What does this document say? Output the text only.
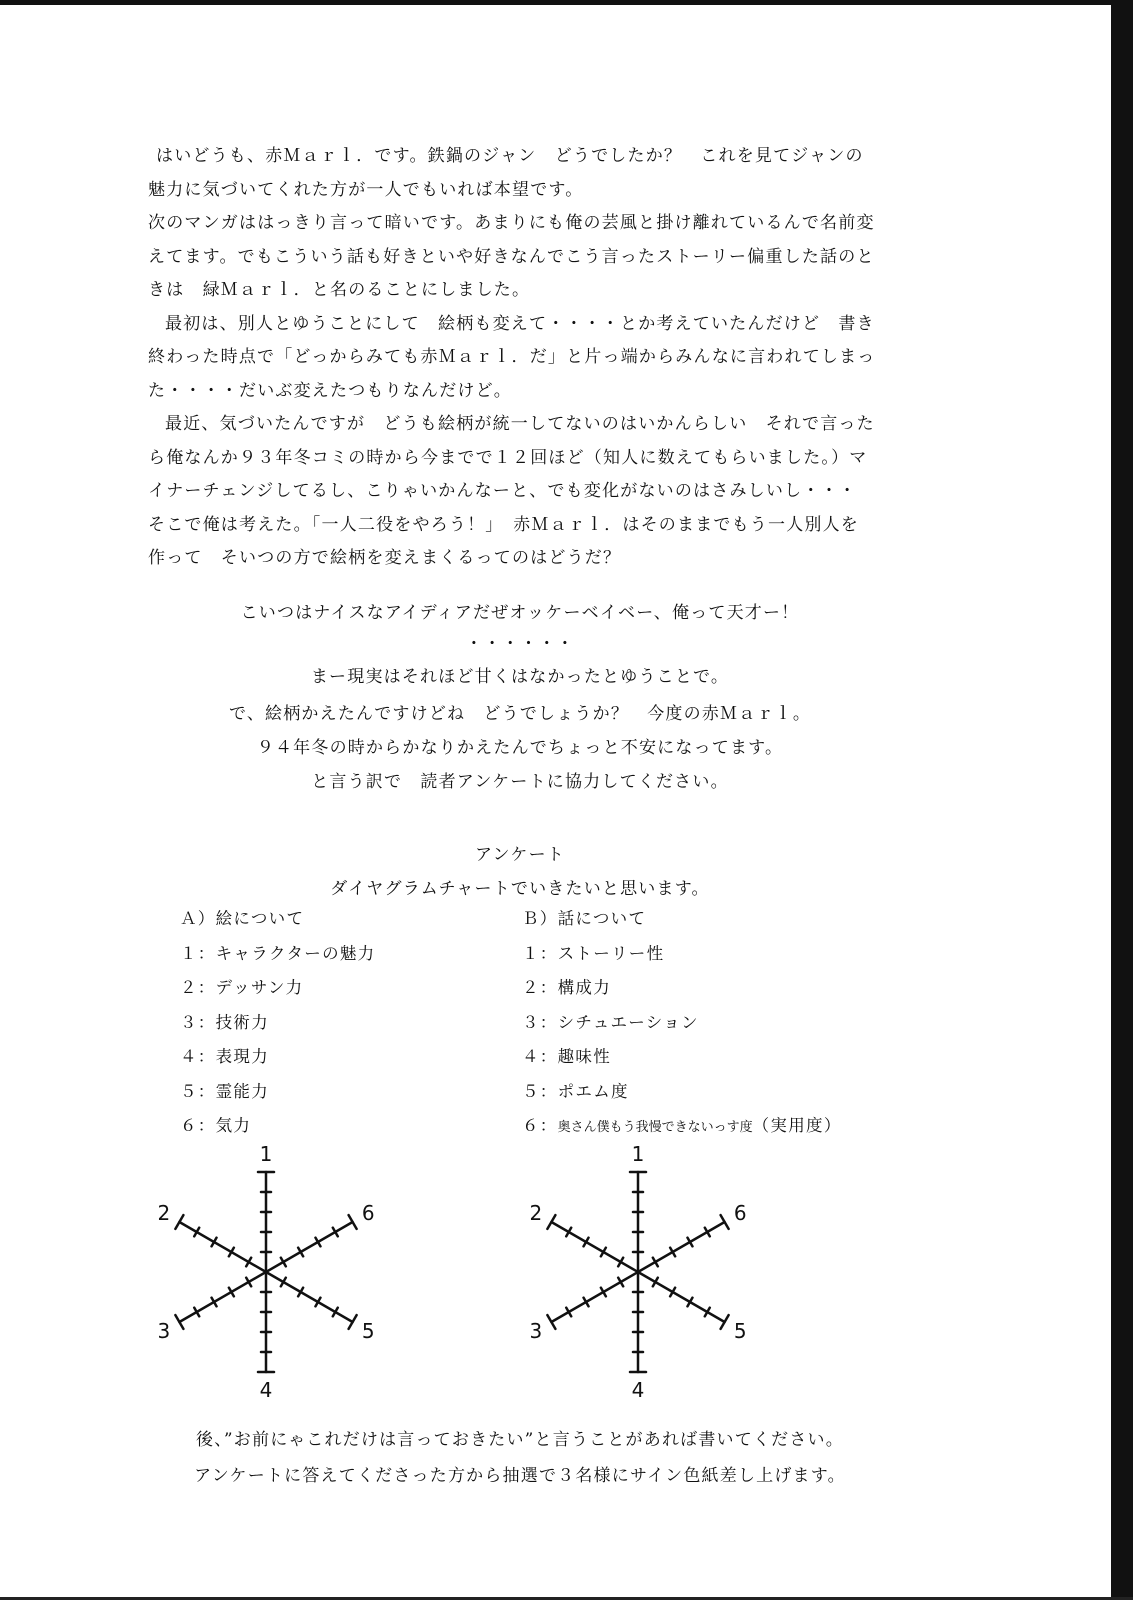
はいどうも、赤Ｍａｒｌ．です。鉄鍋のジャン　どうでしたか？　これを見てジャンの

魅力に気づいてくれた方が一人でもいれば本望です。

次のマンガははっきり言って暗いです。あまりにも俺の芸風と掛け離れているんで名前変

えてます。でもこういう話も好きといや好きなんでこう言ったストーリー偏重した話のと

きは　緑Ｍａｒｌ．と名のることにしました。

最初は、別人とゆうことにして　絵柄も変えて・・・・とか考えていたんだけど　書き

終わった時点で「どっからみても赤Ｍａｒｌ．だ」と片っ端からみんなに言われてしまっ

た・・・・だいぶ変えたつもりなんだけど。

最近、気づいたんですが　どうも絵柄が統一してないのはいかんらしい　それで言った

ら俺なんか９３年冬コミの時から今までで１２回ほど（知人に数えてもらいました。）マ

イナーチェンジしてるし、こりゃいかんなーと、でも変化がないのはさみしいし・・・

そこで俺は考えた。「一人二役をやろう！」　赤Ｍａｒｌ．はそのままでもう一人別人を

作って　そいつの方で絵柄を変えまくるってのはどうだ？

こいつはナイスなアイディアだぜオッケーベイベー、俺って天才ー！

・・・・・・

まー現実はそれほど甘くはなかったとゆうことで。

で、絵柄かえたんですけどね　どうでしょうか？　今度の赤Ｍａｒｌ。

９４年冬の時からかなりかえたんでちょっと不安になってます。

と言う訳で　読者アンケートに協力してください。

アンケート

ダイヤグラムチャートでいきたいと思います。

Ａ）絵について
１：キャラクターの魅力
２：デッサン力
３：技術力
４：表現力
５：霊能力
６：気力
Ｂ）話について
１：ストーリー性
２：構成力
３：シチュエーション
４：趣味性
５：ポエム度
６：奥さん僕もう我慢できないっす度（実用度）
1
2
3
4
5
6
1
2
3
4
5
6

後、”お前にゃこれだけは言っておきたい”と言うことがあれば書いてください。

アンケートに答えてくださった方から抽選で３名様にサイン色紙差し上げます。
